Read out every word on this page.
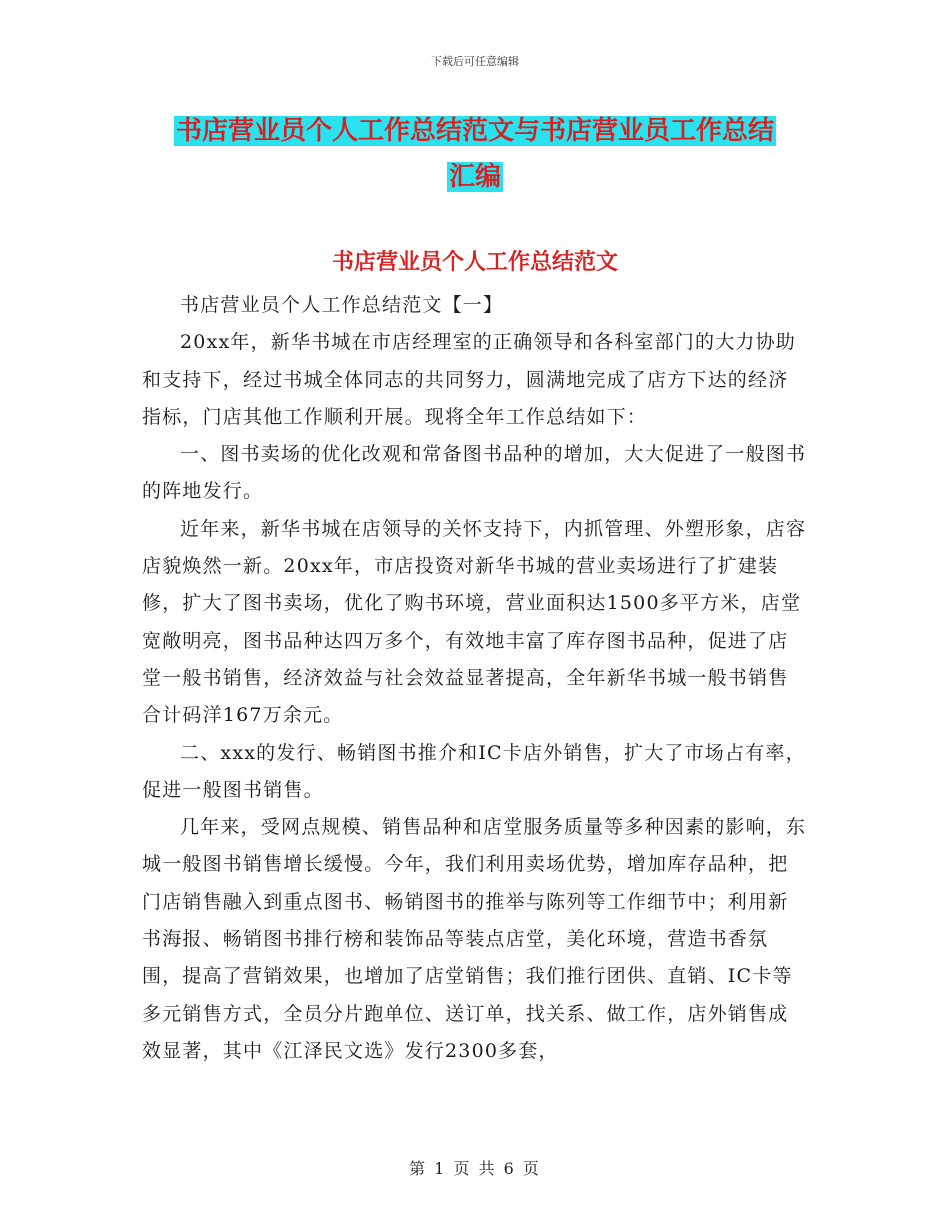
下载后可任意编辑
书店营业员个人工作总结范文与书店营业员工作总结
汇编
书店营业员个人工作总结范文

书店营业员个人工作总结范文【一】

20xx年，新华书城在市店经理室的正确领导和各科室部门的大力协助和支持下，经过书城全体同志的共同努力，圆满地完成了店方下达的经济指标，门店其他工作顺利开展。现将全年工作总结如下：

一、图书卖场的优化改观和常备图书品种的增加，大大促进了一般图书的阵地发行。

近年来，新华书城在店领导的关怀支持下，内抓管理、外塑形象，店容店貌焕然一新。20xx年，市店投资对新华书城的营业卖场进行了扩建装修，扩大了图书卖场，优化了购书环境，营业面积达1500多平方米，店堂宽敞明亮，图书品种达四万多个，有效地丰富了库存图书品种，促进了店堂一般书销售，经济效益与社会效益显著提高，全年新华书城一般书销售合计码洋167万余元。

二、xxx的发行、畅销图书推介和IC卡店外销售，扩大了市场占有率，促进一般图书销售。

几年来，受网点规模、销售品种和店堂服务质量等多种因素的影响，东城一般图书销售增长缓慢。今年，我们利用卖场优势，增加库存品种，把门店销售融入到重点图书、畅销图书的推举与陈列等工作细节中；利用新书海报、畅销图书排行榜和装饰品等装点店堂，美化环境，营造书香氛围，提高了营销效果，也增加了店堂销售；我们推行团供、直销、IC卡等多元销售方式，全员分片跑单位、送订单，找关系、做工作，店外销售成效显著，其中《江泽民文选》发行2300多套，

第 1 页 共 6 页
